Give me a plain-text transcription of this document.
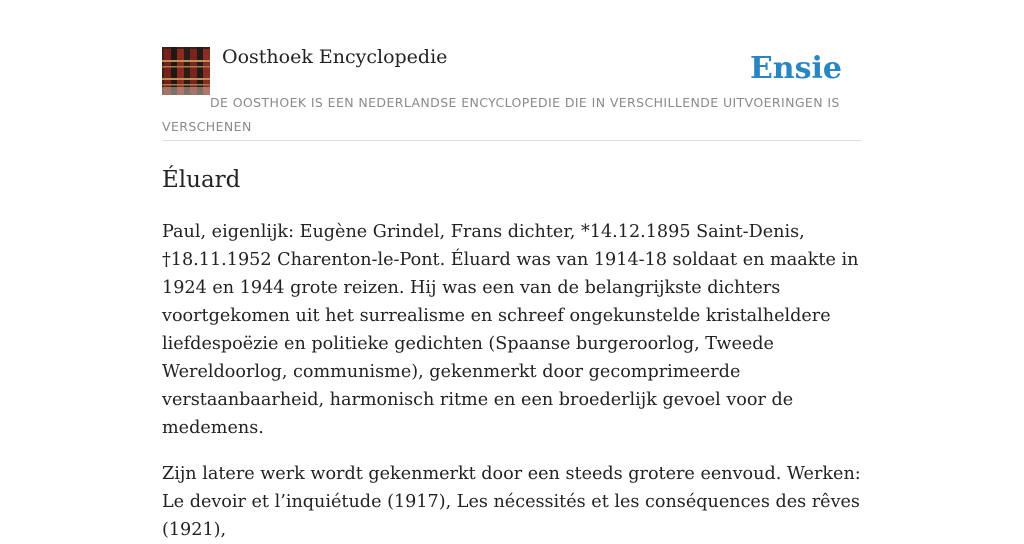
Oosthoek Encyclopedie	Ensie
DE OOSTHOEK IS EEN NEDERLANDSE ENCYCLOPEDIE DIE IN VERSCHILLENDE UITVOERINGEN IS VERSCHENEN
Éluard

Paul, eigenlijk: Eugène Grindel, Frans dichter, *14.12.1895 Saint-Denis, †18.11.1952 Charenton-le-Pont. Éluard was van 1914-18 soldaat en maakte in 1924 en 1944 grote reizen. Hij was een van de belangrijkste dichters voortgekomen uit het surrealisme en schreef ongekunstelde kristalheldere liefdespoëzie en politieke gedichten (Spaanse burgeroorlog, Tweede Wereldoorlog, communisme), gekenmerkt door gecomprimeerde verstaanbaarheid, harmonisch ritme en een broederlijk gevoel voor de medemens.

Zijn latere werk wordt gekenmerkt door een steeds grotere eenvoud. Werken: Le devoir et l’inquiétude (1917), Les nécessités et les conséquences des rêves (1921),
